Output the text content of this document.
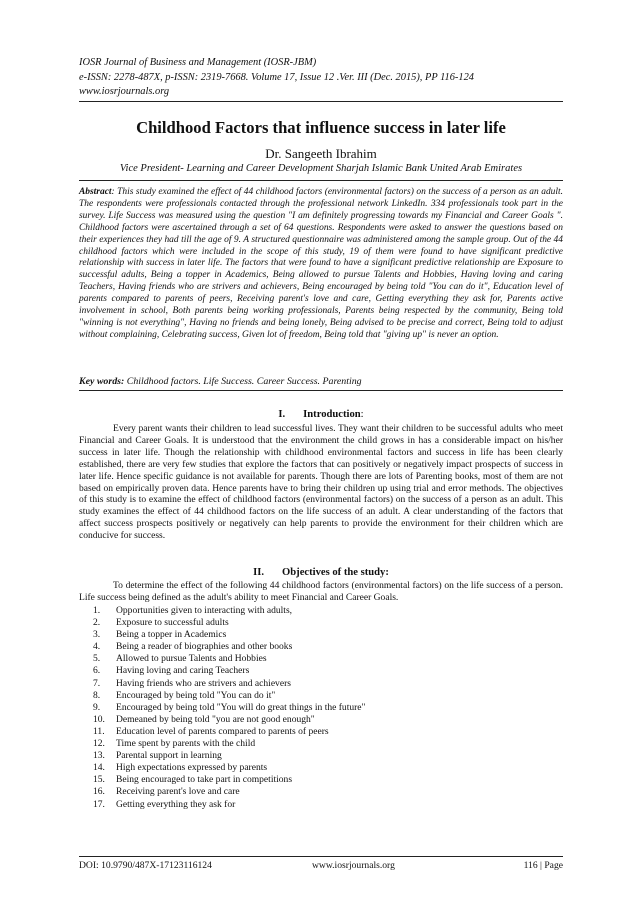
IOSR Journal of Business and Management (IOSR-JBM)
e-ISSN: 2278-487X, p-ISSN: 2319-7668. Volume 17, Issue 12 .Ver. III (Dec. 2015), PP 116-124
www.iosrjournals.org
Childhood Factors that influence success in later life
Dr. Sangeeth Ibrahim
Vice President- Learning and Career Development Sharjah Islamic Bank United Arab Emirates
Abstract: This study examined the effect of 44 childhood factors (environmental factors) on the success of a person as an adult. The respondents were professionals contacted through the professional network LinkedIn. 334 professionals took part in the survey. Life Success was measured using the question "I am definitely progressing towards my Financial and Career Goals ". Childhood factors were ascertained through a set of 64 questions. Respondents were asked to answer the questions based on their experiences they had till the age of 9. A structured questionnaire was administered among the sample group. Out of the 44 childhood factors which were included in the scope of this study, 19 of them were found to have significant predictive relationship with success in later life. The factors that were found to have a significant predictive relationship are Exposure to successful adults, Being a topper in Academics, Being allowed to pursue Talents and Hobbies, Having loving and caring Teachers, Having friends who are strivers and achievers, Being encouraged by being told "You can do it", Education level of parents compared to parents of peers, Receiving parent's love and care, Getting everything they ask for, Parents active involvement in school, Both parents being working professionals, Parents being respected by the community, Being told "winning is not everything", Having no friends and being lonely, Being advised to be precise and correct, Being told to adjust without complaining, Celebrating success, Given lot of freedom, Being told that "giving up" is never an option.
Key words: Childhood factors. Life Success. Career Success. Parenting
I. Introduction:
Every parent wants their children to lead successful lives. They want their children to be successful adults who meet Financial and Career Goals. It is understood that the environment the child grows in has a considerable impact on his/her success in later life. Though the relationship with childhood environmental factors and success in life has been clearly established, there are very few studies that explore the factors that can positively or negatively impact prospects of success in later life. Hence specific guidance is not available for parents. Though there are lots of Parenting books, most of them are not based on empirically proven data. Hence parents have to bring their children up using trial and error methods. The objectives of this study is to examine the effect of childhood factors (environmental factors) on the success of a person as an adult. This study examines the effect of 44 childhood factors on the life success of an adult. A clear understanding of the factors that affect success prospects positively or negatively can help parents to provide the environment for their children which are conducive for success.
II. Objectives of the study:
To determine the effect of the following 44 childhood factors (environmental factors) on the life success of a person. Life success being defined as the adult's ability to meet Financial and Career Goals.
1.	Opportunities given to interacting with adults,
2.	Exposure to successful adults
3.	Being a topper in Academics
4.	Being a reader of biographies and other books
5.	Allowed to pursue Talents and Hobbies
6.	Having loving and caring Teachers
7.	Having friends who are strivers and achievers
8.	Encouraged by being told "You can do it"
9.	Encouraged by being told "You will do great things in the future"
10.	Demeaned by being told "you are not good enough"
11.	Education level of parents compared to parents of peers
12.	Time spent by parents with the child
13.	Parental support in learning
14.	High expectations expressed by parents
15.	Being encouraged to take part in competitions
16.	Receiving parent's love and care
17.	Getting everything they ask for
DOI: 10.9790/487X-17123116124	www.iosrjournals.org	116 | Page
